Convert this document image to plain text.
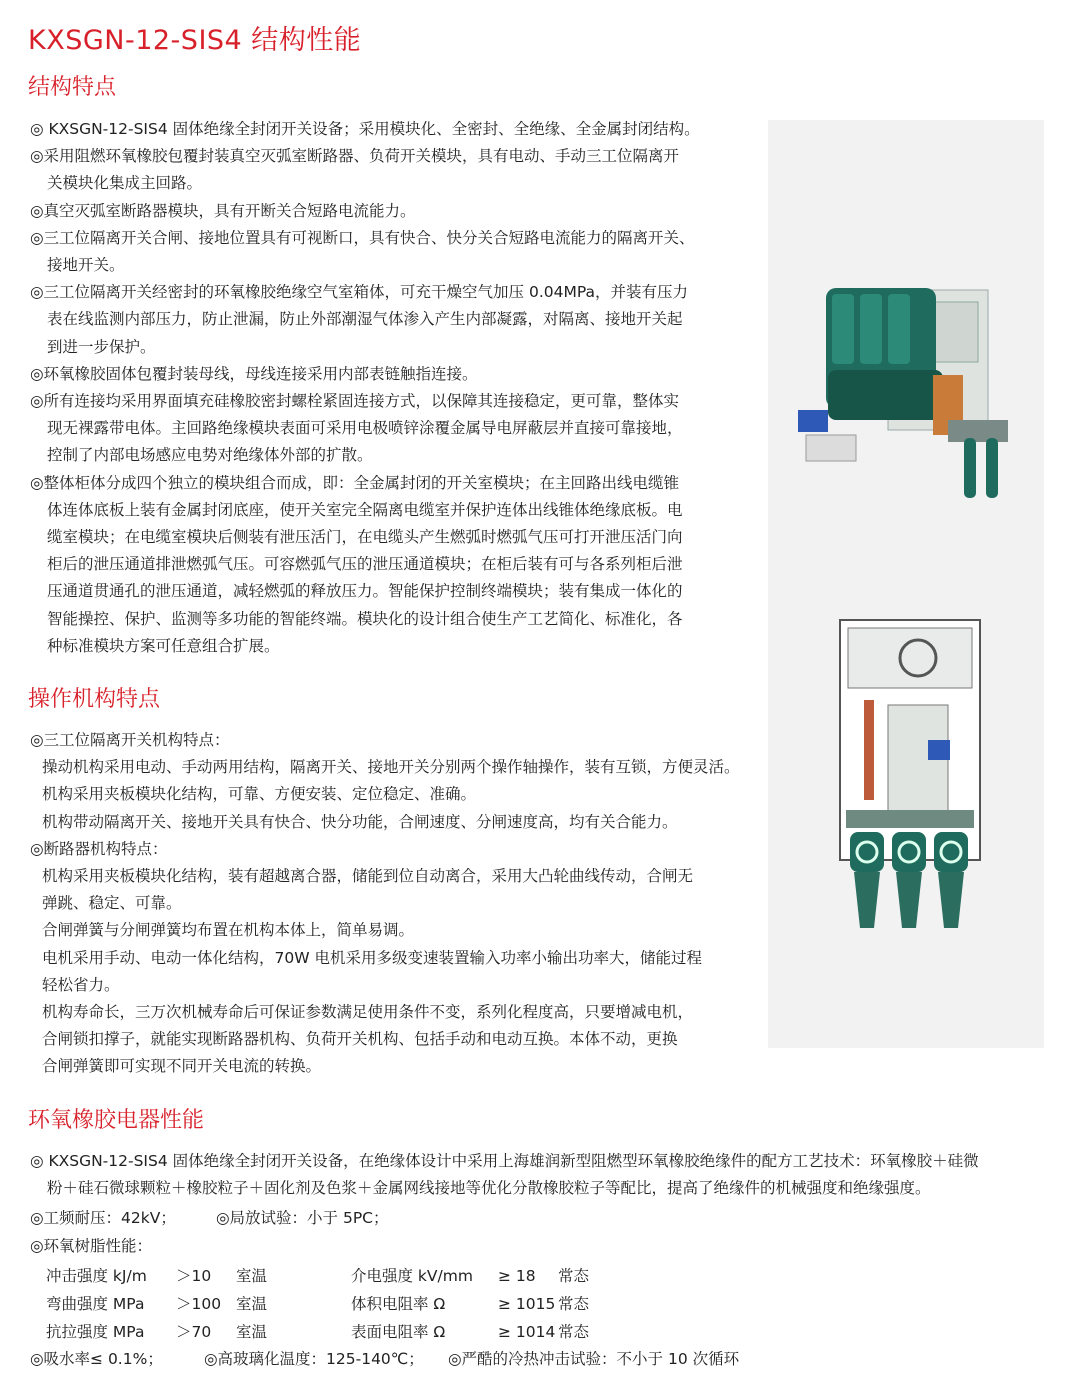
KXSGN-12-SIS4 结构性能
结构特点

◎ KXSGN-12-SIS4 固体绝缘全封闭开关设备；采用模块化、全密封、全绝缘、全金属封闭结构。

◎采用阻燃环氧橡胶包覆封装真空灭弧室断路器、负荷开关模块，具有电动、手动三工位隔离开

关模块化集成主回路。

◎真空灭弧室断路器模块，具有开断关合短路电流能力。

◎三工位隔离开关合闸、接地位置具有可视断口，具有快合、快分关合短路电流能力的隔离开关、

接地开关。

◎三工位隔离开关经密封的环氧橡胶绝缘空气室箱体，可充干燥空气加压 0.04MPa，并装有压力

表在线监测内部压力，防止泄漏，防止外部潮湿气体渗入产生内部凝露，对隔离、接地开关起

到进一步保护。

◎环氧橡胶固体包覆封装母线，母线连接采用内部表链触指连接。

◎所有连接均采用界面填充硅橡胶密封螺栓紧固连接方式，以保障其连接稳定，更可靠，整体实

现无裸露带电体。主回路绝缘模块表面可采用电极喷锌涂覆金属导电屏蔽层并直接可靠接地，

控制了内部电场感应电势对绝缘体外部的扩散。

◎整体柜体分成四个独立的模块组合而成，即：全金属封闭的开关室模块；在主回路出线电缆锥

体连体底板上装有金属封闭底座，使开关室完全隔离电缆室并保护连体出线锥体绝缘底板。电

缆室模块；在电缆室模块后侧装有泄压活门，在电缆头产生燃弧时燃弧气压可打开泄压活门向

柜后的泄压通道排泄燃弧气压。可容燃弧气压的泄压通道模块；在柜后装有可与各系列柜后泄

压通道贯通孔的泄压通道，减轻燃弧的释放压力。智能保护控制终端模块；装有集成一体化的

智能操控、保护、监测等多功能的智能终端。模块化的设计组合使生产工艺简化、标准化，各

种标准模块方案可任意组合扩展。

操作机构特点

◎三工位隔离开关机构特点：

操动机构采用电动、手动两用结构，隔离开关、接地开关分别两个操作轴操作，装有互锁，方便灵活。

机构采用夹板模块化结构，可靠、方便安装、定位稳定、准确。

机构带动隔离开关、接地开关具有快合、快分功能，合闸速度、分闸速度高，均有关合能力。

◎断路器机构特点：

机构采用夹板模块化结构，装有超越离合器，储能到位自动离合，采用大凸轮曲线传动，合闸无

弹跳、稳定、可靠。

合闸弹簧与分闸弹簧均布置在机构本体上，简单易调。

电机采用手动、电动一体化结构，70W 电机采用多级变速装置输入功率小输出功率大，储能过程

轻松省力。

机构寿命长，三万次机械寿命后可保证参数满足使用条件不变，系列化程度高，只要增减电机，

合闸锁扣撑子，就能实现断路器机构、负荷开关机构、包括手动和电动互换。本体不动，更换

合闸弹簧即可实现不同开关电流的转换。

环氧橡胶电器性能

◎ KXSGN-12-SIS4 固体绝缘全封闭开关设备，在绝缘体设计中采用上海雄润新型阻燃型环氧橡胶绝缘件的配方工艺技术：环氧橡胶＋硅微

粉＋硅石微球颗粒＋橡胶粒子＋固化剂及色浆＋金属网线接地等优化分散橡胶粒子等配比，提高了绝缘件的机械强度和绝缘强度。

◎工频耐压：42kV；	◎局放试验：小于 5PC；
◎环氧树脂性能：
冲击强度 kJ/m ＞10 室温	介电强度 kV/mm ≥ 18 常态
弯曲强度 MPa ＞100 室温	体积电阻率 Ω	≥ 1015 常态
抗拉强度 MPa ＞70 室温	表面电阻率 Ω	≥ 1014 常态
◎吸水率≤ 0.1%；	◎高玻璃化温度：125-140℃； ◎严酷的冷热冲击试验：不小于 10 次循环
